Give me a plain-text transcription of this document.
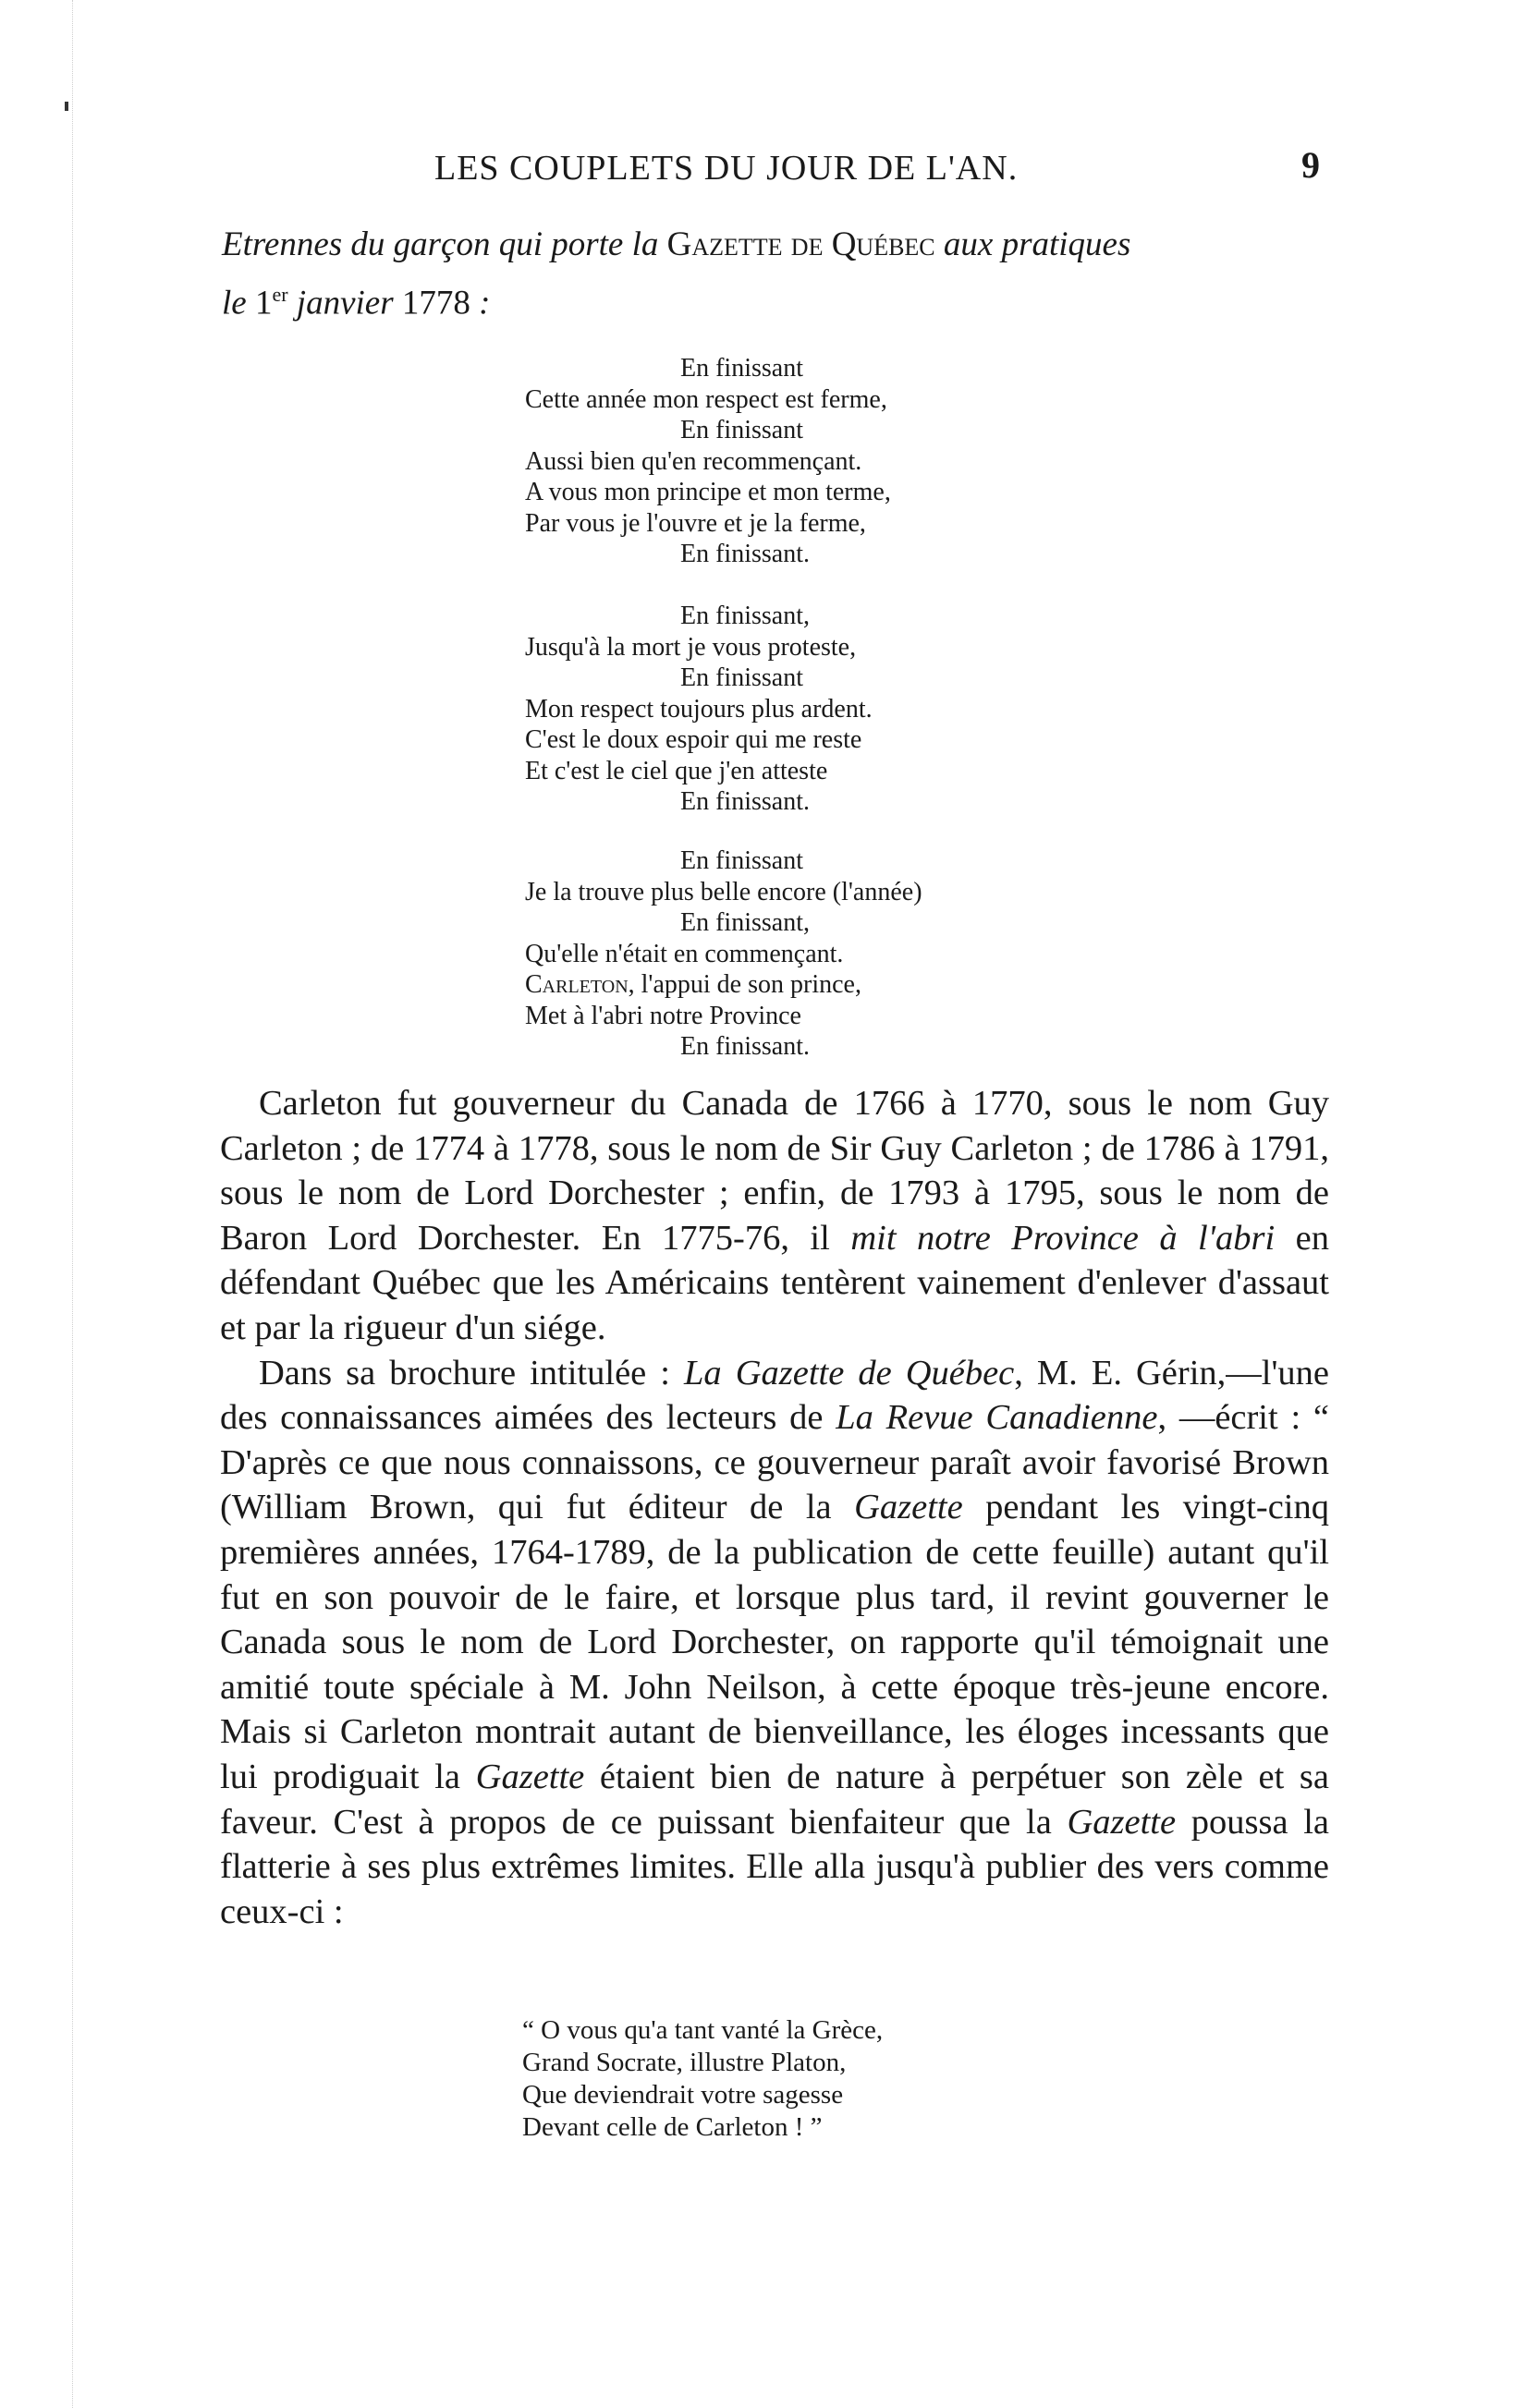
LES COUPLETS DU JOUR DE L'AN.	9
Etrennes du garçon qui porte la Gazette de Québec aux pratiques
le 1er janvier 1778 :
En finissant
Cette année mon respect est ferme,
En finissant
Aussi bien qu'en recommençant.
A vous mon principe et mon terme,
Par vous je l'ouvre et je la ferme,
En finissant.
En finissant,
Jusqu'à la mort je vous proteste,
En finissant
Mon respect toujours plus ardent.
C'est le doux espoir qui me reste
Et c'est le ciel que j'en atteste
En finissant.
En finissant
Je la trouve plus belle encore (l'année)
En finissant,
Qu'elle n'était en commençant.
Carleton, l'appui de son prince,
Met à l'abri notre Province
En finissant.

Carleton fut gouverneur du Canada de 1766 à 1770, sous le nom Guy Carleton ; de 1774 à 1778, sous le nom de Sir Guy Carleton ; de 1786 à 1791, sous le nom de Lord Dorchester ; enfin, de 1793 à 1795, sous le nom de Baron Lord Dorchester. En 1775-76, il mit notre Province à l'abri en défendant Québec que les Américains tentèrent vainement d'enlever d'assaut et par la rigueur d'un siége.

Dans sa brochure intitulée : La Gazette de Québec, M. E. Gérin,—l'une des connaissances aimées des lecteurs de La Revue Canadienne, —écrit : “ D'après ce que nous connaissons, ce gouverneur paraît avoir favorisé Brown (William Brown, qui fut éditeur de la Gazette pendant les vingt-cinq premières années, 1764-1789, de la publication de cette feuille) autant qu'il fut en son pouvoir de le faire, et lorsque plus tard, il revint gouverner le Canada sous le nom de Lord Dorchester, on rapporte qu'il témoignait une amitié toute spéciale à M. John Neilson, à cette époque très-jeune encore. Mais si Carleton montrait autant de bienveillance, les éloges incessants que lui prodiguait la Gazette étaient bien de nature à perpétuer son zèle et sa faveur. C'est à propos de ce puissant bienfaiteur que la Gazette poussa la flatterie à ses plus extrêmes limites. Elle alla jusqu'à publier des vers comme ceux-ci :

“ O vous qu'a tant vanté la Grèce,
Grand Socrate, illustre Platon,
Que deviendrait votre sagesse
Devant celle de Carleton ! ”
